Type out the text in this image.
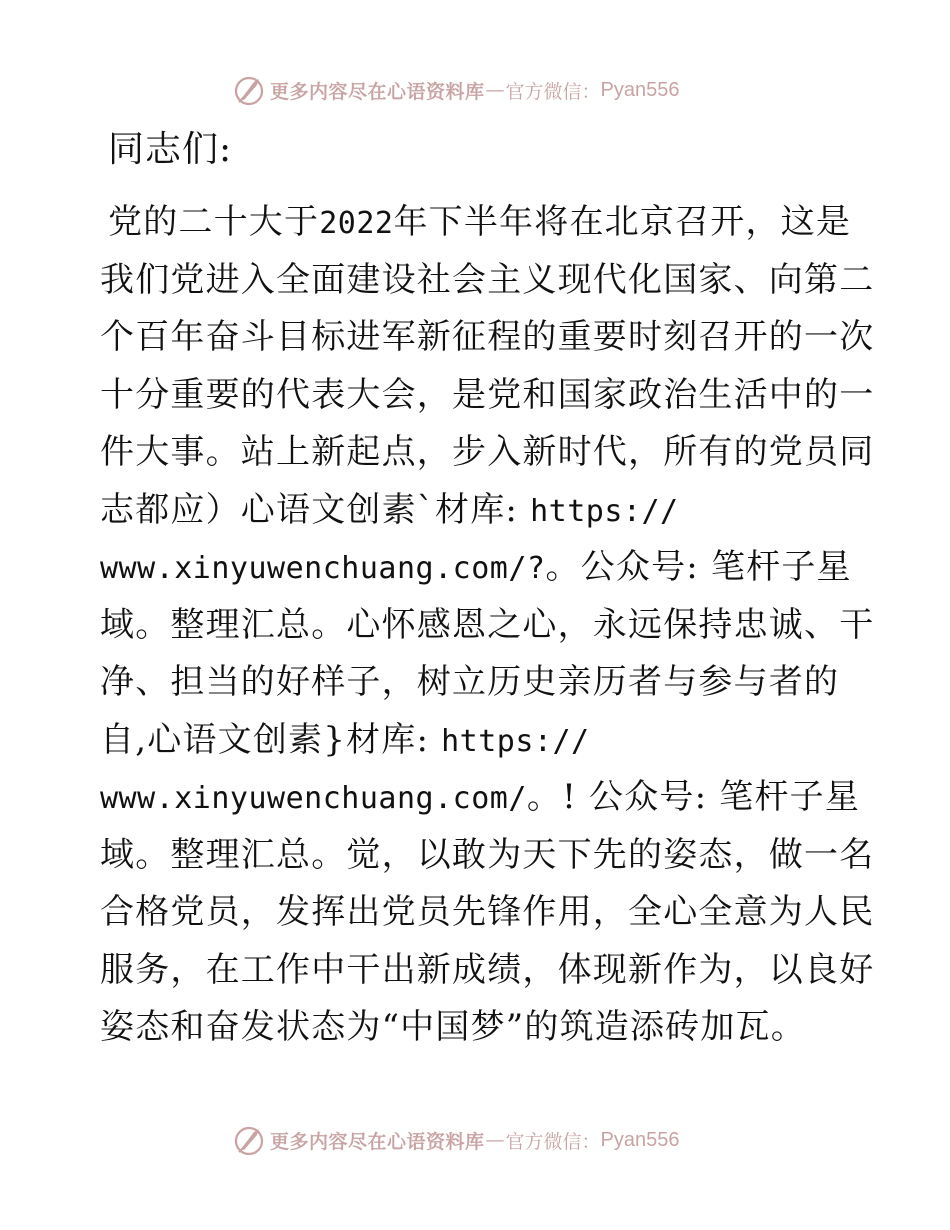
更多内容尽在心语资料库 — 官方微信： Pyan556
同志们:
党的二十大于2022年下半年将在北京召开，这是
我们党进入全面建设社会主义现代化国家、向第二
个百年奋斗目标进军新征程的重要时刻召开的一次
十分重要的代表大会，是党和国家政治生活中的一
件大事。站上新起点，步入新时代，所有的党员同
志都应）心语文创素`材库: https://
www.xinyuwenchuang.com/?。公众号: 笔杆子星
域。整理汇总。心怀感恩之心，永远保持忠诚、干
净、担当的好样子，树立历史亲历者与参与者的
自,心语文创素}材库: https://
www.xinyuwenchuang.com/。! 公众号: 笔杆子星
域。整理汇总。觉，以敢为天下先的姿态，做一名
合格党员，发挥出党员先锋作用，全心全意为人民
服务，在工作中干出新成绩，体现新作为，以良好
姿态和奋发状态为“中国梦”的筑造添砖加瓦。
更多内容尽在心语资料库 — 官方微信： Pyan556
